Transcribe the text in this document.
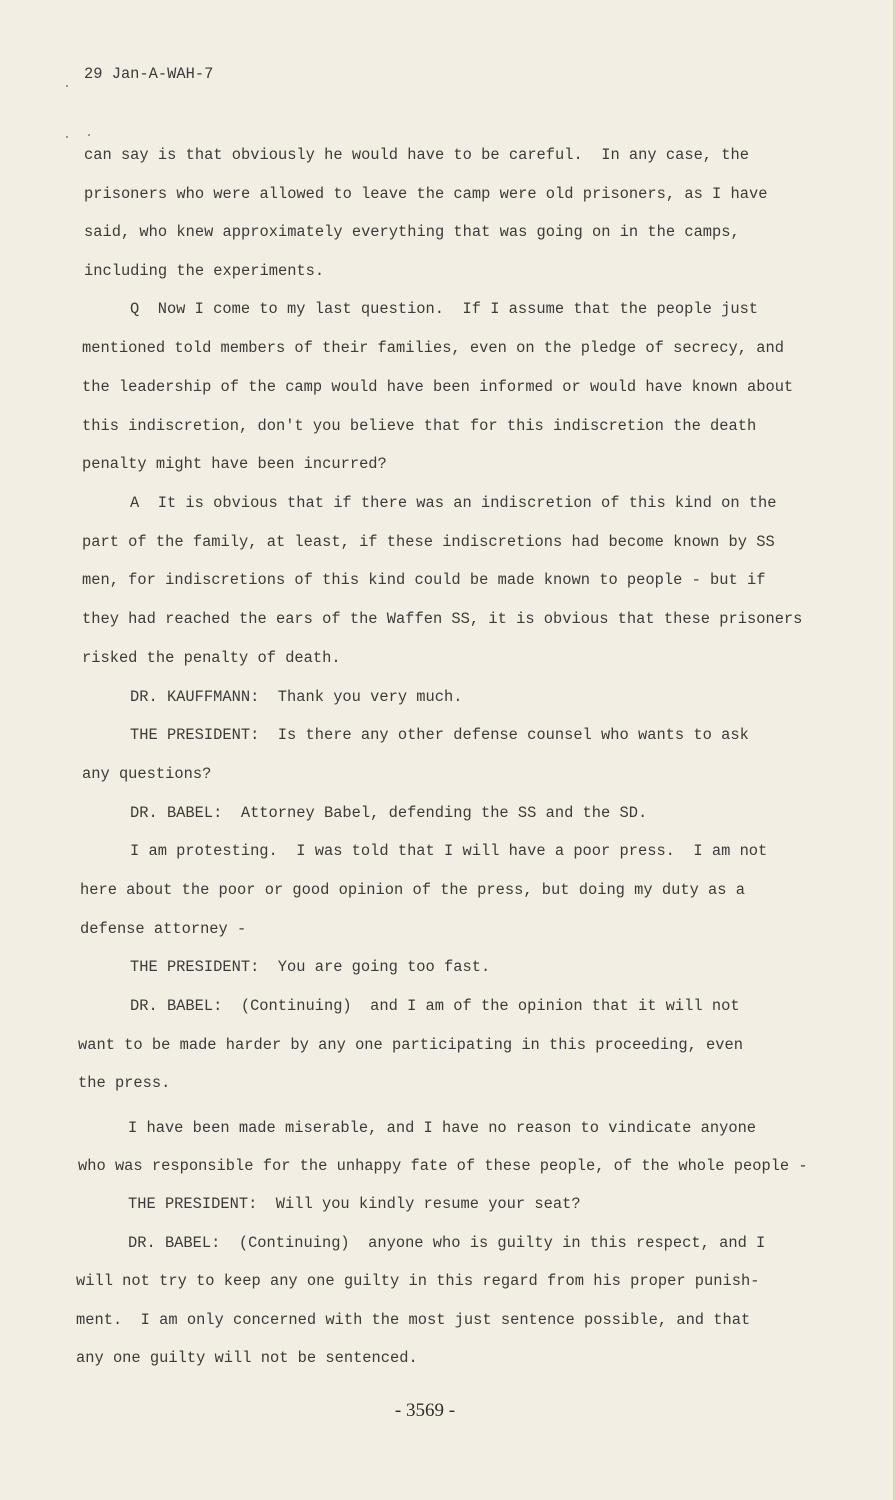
29 Jan-A-WAH-7
can say is that obviously he would have to be careful.  In any case, the
prisoners who were allowed to leave the camp were old prisoners, as I have
said, who knew approximately everything that was going on in the camps,
including the experiments.
Q  Now I come to my last question.  If I assume that the people just
mentioned told members of their families, even on the pledge of secrecy, and
the leadership of the camp would have been informed or would have known about
this indiscretion, don't you believe that for this indiscretion the death
penalty might have been incurred?
A  It is obvious that if there was an indiscretion of this kind on the
part of the family, at least, if these indiscretions had become known by SS
men, for indiscretions of this kind could be made known to people - but if
they had reached the ears of the Waffen SS, it is obvious that these prisoners
risked the penalty of death.
DR. KAUFFMANN:  Thank you very much.
THE PRESIDENT:  Is there any other defense counsel who wants to ask
any questions?
DR. BABEL:  Attorney Babel, defending the SS and the SD.
I am protesting.  I was told that I will have a poor press.  I am not
here about the poor or good opinion of the press, but doing my duty as a
defense attorney -
THE PRESIDENT:  You are going too fast.
DR. BABEL:  (Continuing)  and I am of the opinion that it will not
want to be made harder by any one participating in this proceeding, even
the press.
I have been made miserable, and I have no reason to vindicate anyone
who was responsible for the unhappy fate of these people, of the whole people -
THE PRESIDENT:  Will you kindly resume your seat?
DR. BABEL:  (Continuing)  anyone who is guilty in this respect, and I
will not try to keep any one guilty in this regard from his proper punish-
ment.  I am only concerned with the most just sentence possible, and that
any one guilty will not be sentenced.
- 3569 -
